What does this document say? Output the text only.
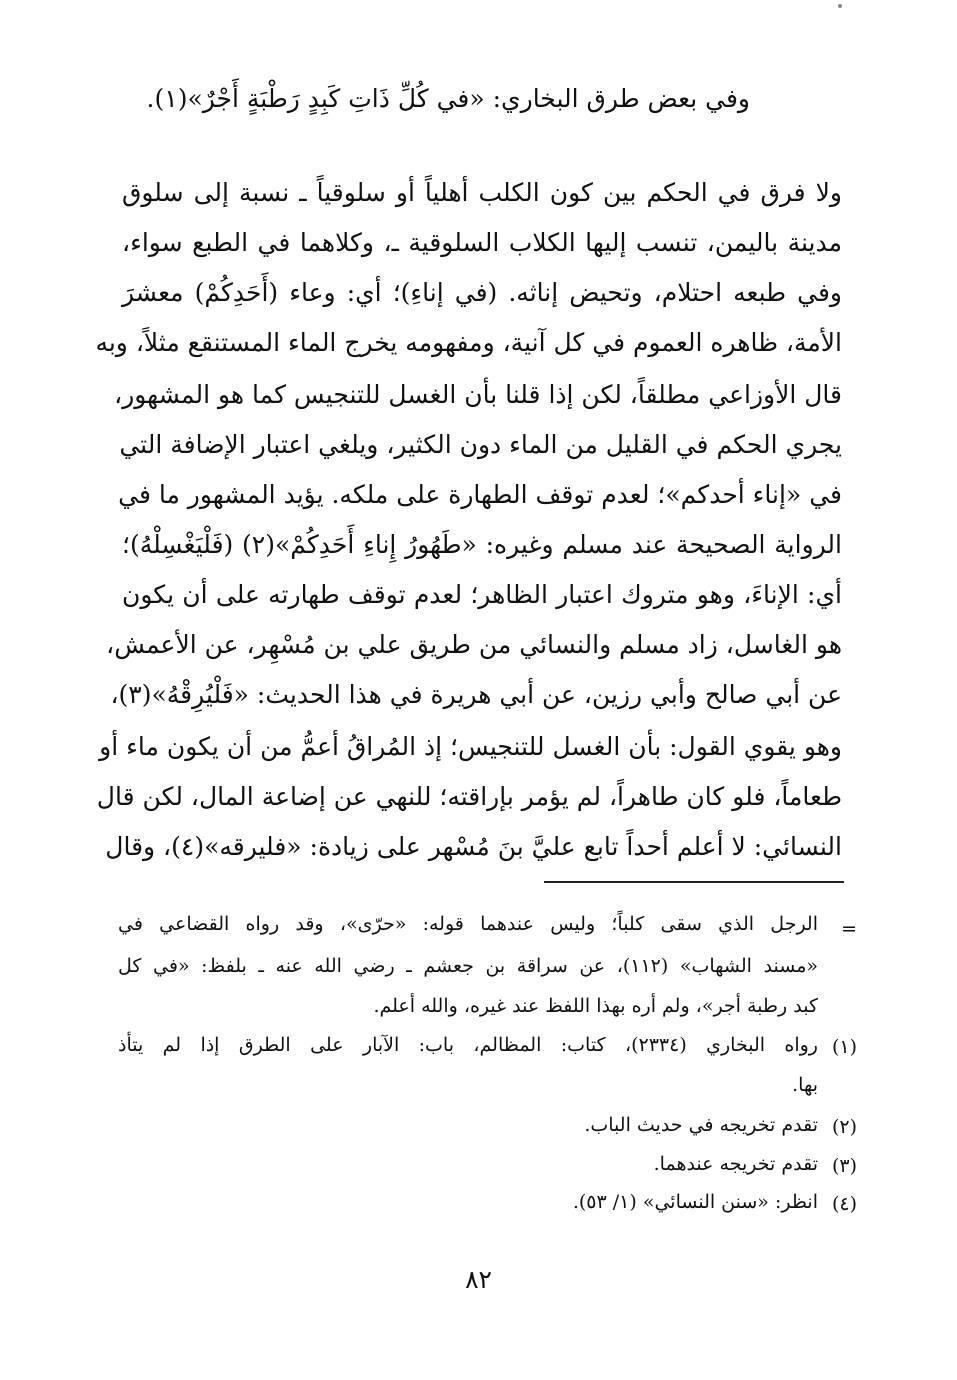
وفي بعض طرق البخاري: «في كُلِّ ذَاتِ كَبِدٍ رَطْبَةٍ أَجْرٌ»(١).
ولا فرق في الحكم بين كون الكلب أهلياً أو سلوقياً ـ نسبة إلى سلوق
مدينة باليمن، تنسب إليها الكلاب السلوقية ـ، وكلاهما في الطبع سواء،
وفي طبعه احتلام، وتحيض إناثه. (في إناءِ)؛ أي: وعاء (أَحَدِكُمْ) معشرَ
الأمة، ظاهره العموم في كل آنية، ومفهومه يخرج الماء المستنقع مثلاً، وبه
قال الأوزاعي مطلقاً، لكن إذا قلنا بأن الغسل للتنجيس كما هو المشهور،
يجري الحكم في القليل من الماء دون الكثير، ويلغي اعتبار الإضافة التي
في «إناء أحدكم»؛ لعدم توقف الطهارة على ملكه. يؤيد المشهور ما في
الرواية الصحيحة عند مسلم وغيره: «طَهُورُ إِناءِ أَحَدِكُمْ»(٢) (فَلْيَغْسِلْهُ)؛
أي: الإناءَ، وهو متروك اعتبار الظاهر؛ لعدم توقف طهارته على أن يكون
هو الغاسل، زاد مسلم والنسائي من طريق علي بن مُسْهِر، عن الأعمش،
عن أبي صالح وأبي رزين، عن أبي هريرة في هذا الحديث: «فَلْيُرِقْهُ»(٣)،
وهو يقوي القول: بأن الغسل للتنجيس؛ إذ المُراقُ أعمُّ من أن يكون ماء أو
طعاماً، فلو كان طاهراً، لم يؤمر بإراقته؛ للنهي عن إضاعة المال، لكن قال
النسائي: لا أعلم أحداً تابع عليَّ بنَ مُسْهر على زيادة: «فليرقه»(٤)، وقال
=
الرجل الذي سقى كلباً؛ وليس عندهما قوله: «حرّى»، وقد رواه القضاعي في
«مسند الشهاب» (١١٢)، عن سراقة بن جعشم ـ رضي الله عنه ـ بلفظ: «في كل
كبد رطبة أجر»، ولم أره بهذا اللفظ عند غيره، والله أعلم.
(١)
رواه البخاري (٢٣٣٤)، كتاب: المظالم، باب: الآبار على الطرق إذا لم يتأذ
بها.
(٢)
تقدم تخريجه في حديث الباب.
(٣)
تقدم تخريجه عندهما.
(٤)
انظر: «سنن النسائي» (١/ ٥٣).
٨٢
